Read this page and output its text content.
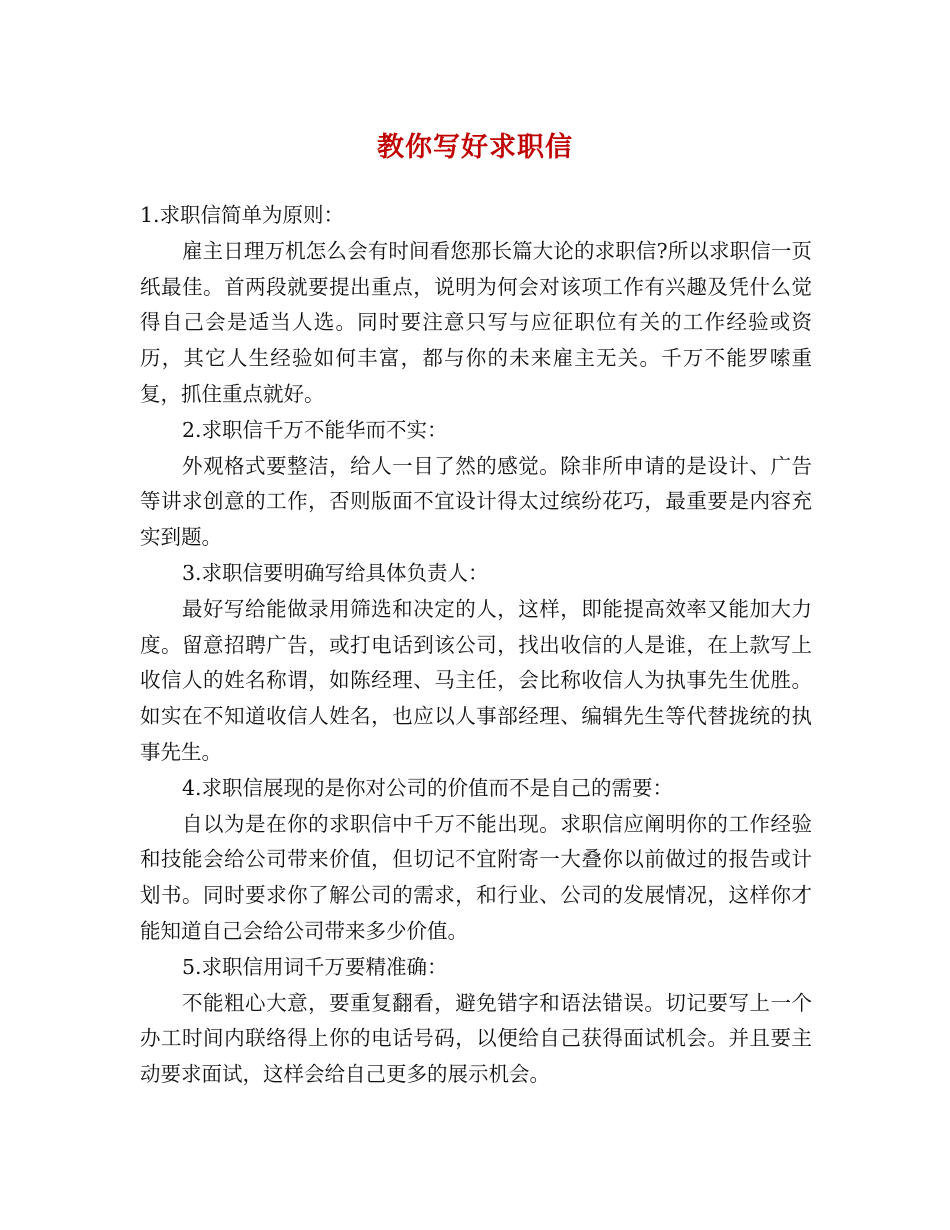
教你写好求职信

1.求职信简单为原则：

雇主日理万机怎么会有时间看您那长篇大论的求职信?所以求职信一页纸最佳。首两段就要提出重点，说明为何会对该项工作有兴趣及凭什么觉得自己会是适当人选。同时要注意只写与应征职位有关的工作经验或资历，其它人生经验如何丰富，都与你的未来雇主无关。千万不能罗嗦重复，抓住重点就好。

2.求职信千万不能华而不实：

外观格式要整洁，给人一目了然的感觉。除非所申请的是设计、广告等讲求创意的工作，否则版面不宜设计得太过缤纷花巧，最重要是内容充实到题。

3.求职信要明确写给具体负责人：

最好写给能做录用筛选和决定的人，这样，即能提高效率又能加大力度。留意招聘广告，或打电话到该公司，找出收信的人是谁，在上款写上收信人的姓名称谓，如陈经理、马主任，会比称收信人为执事先生优胜。如实在不知道收信人姓名，也应以人事部经理、编辑先生等代替拢统的执事先生。

4.求职信展现的是你对公司的价值而不是自己的需要：

自以为是在你的求职信中千万不能出现。求职信应阐明你的工作经验和技能会给公司带来价值，但切记不宜附寄一大叠你以前做过的报告或计划书。同时要求你了解公司的需求，和行业、公司的发展情况，这样你才能知道自己会给公司带来多少价值。

5.求职信用词千万要精准确：

不能粗心大意，要重复翻看，避免错字和语法错误。切记要写上一个办工时间内联络得上你的电话号码，以便给自己获得面试机会。并且要主动要求面试，这样会给自己更多的展示机会。
